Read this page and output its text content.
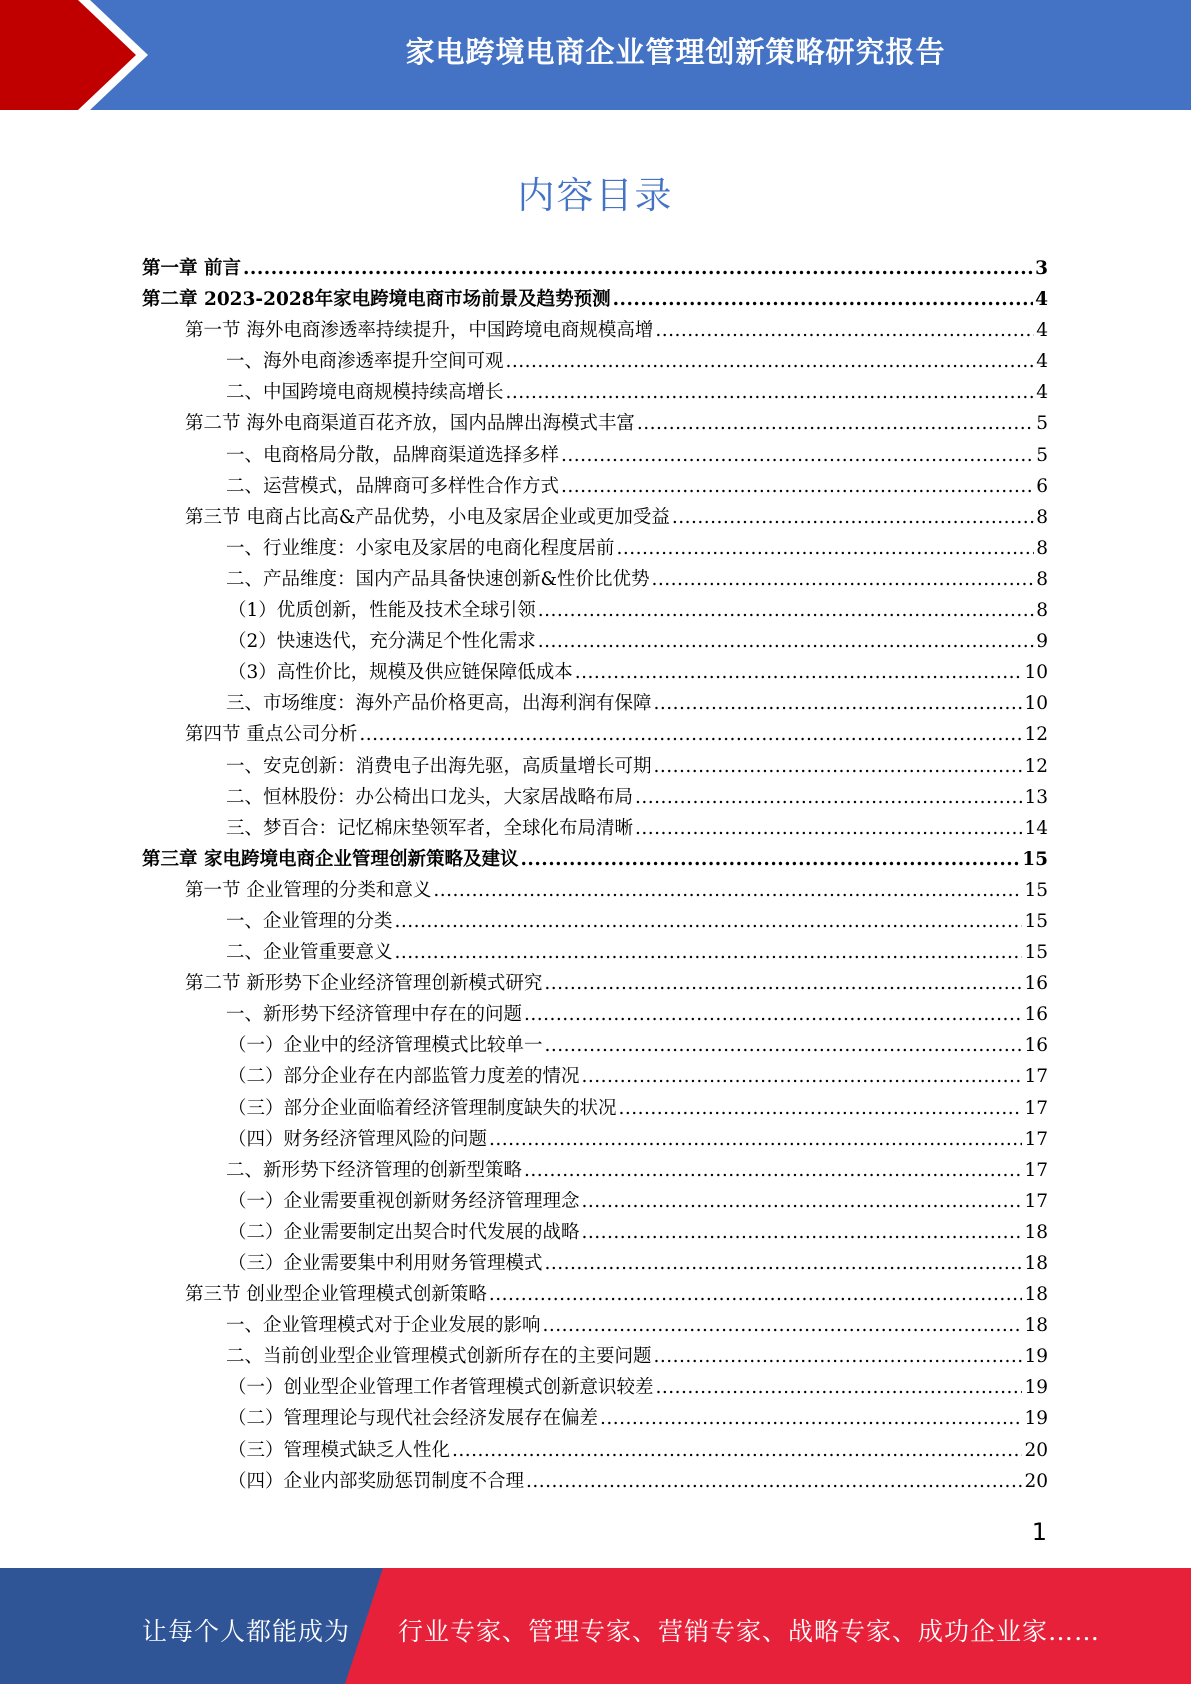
家电跨境电商企业管理创新策略研究报告
内容目录
第一章 前言 .....	3
第二章 2023-2028年家电跨境电商市场前景及趋势预测 .....	4
第一节 海外电商渗透率持续提升，中国跨境电商规模高增 .....	4
一、海外电商渗透率提升空间可观 .....	4
二、中国跨境电商规模持续高增长 .....	4
第二节 海外电商渠道百花齐放，国内品牌出海模式丰富 .....	5
一、电商格局分散，品牌商渠道选择多样 .....	5
二、运营模式，品牌商可多样性合作方式 .....	6
第三节 电商占比高&产品优势，小电及家居企业或更加受益 .....	8
一、行业维度：小家电及家居的电商化程度居前 .....	8
二、产品维度：国内产品具备快速创新&性价比优势 .....	8
（1）优质创新，性能及技术全球引领 .....	8
（2）快速迭代，充分满足个性化需求 .....	9
（3）高性价比，规模及供应链保障低成本 .....	10
三、市场维度：海外产品价格更高，出海利润有保障 .....	10
第四节 重点公司分析 .....	12
一、安克创新：消费电子出海先驱，高质量增长可期 .....	12
二、恒林股份：办公椅出口龙头，大家居战略布局 .....	13
三、梦百合：记忆棉床垫领军者，全球化布局清晰 .....	14
第三章 家电跨境电商企业管理创新策略及建议 .....	15
第一节 企业管理的分类和意义 .....	15
一、企业管理的分类 .....	15
二、企业管重要意义 .....	15
第二节 新形势下企业经济管理创新模式研究 .....	16
一、新形势下经济管理中存在的问题 .....	16
（一）企业中的经济管理模式比较单一 .....	16
（二）部分企业存在内部监管力度差的情况 .....	17
（三）部分企业面临着经济管理制度缺失的状况 .....	17
（四）财务经济管理风险的问题 .....	17
二、新形势下经济管理的创新型策略 .....	17
（一）企业需要重视创新财务经济管理理念 .....	17
（二）企业需要制定出契合时代发展的战略 .....	18
（三）企业需要集中利用财务管理模式 .....	18
第三节 创业型企业管理模式创新策略 .....	18
一、企业管理模式对于企业发展的影响 .....	18
二、当前创业型企业管理模式创新所存在的主要问题 .....	19
（一）创业型企业管理工作者管理模式创新意识较差 .....	19
（二）管理理论与现代社会经济发展存在偏差 .....	19
（三）管理模式缺乏人性化 .....	20
（四）企业内部奖励惩罚制度不合理 .....	20
1
让每个人都能成为 行业专家、管理专家、营销专家、战略专家、成功企业家……
